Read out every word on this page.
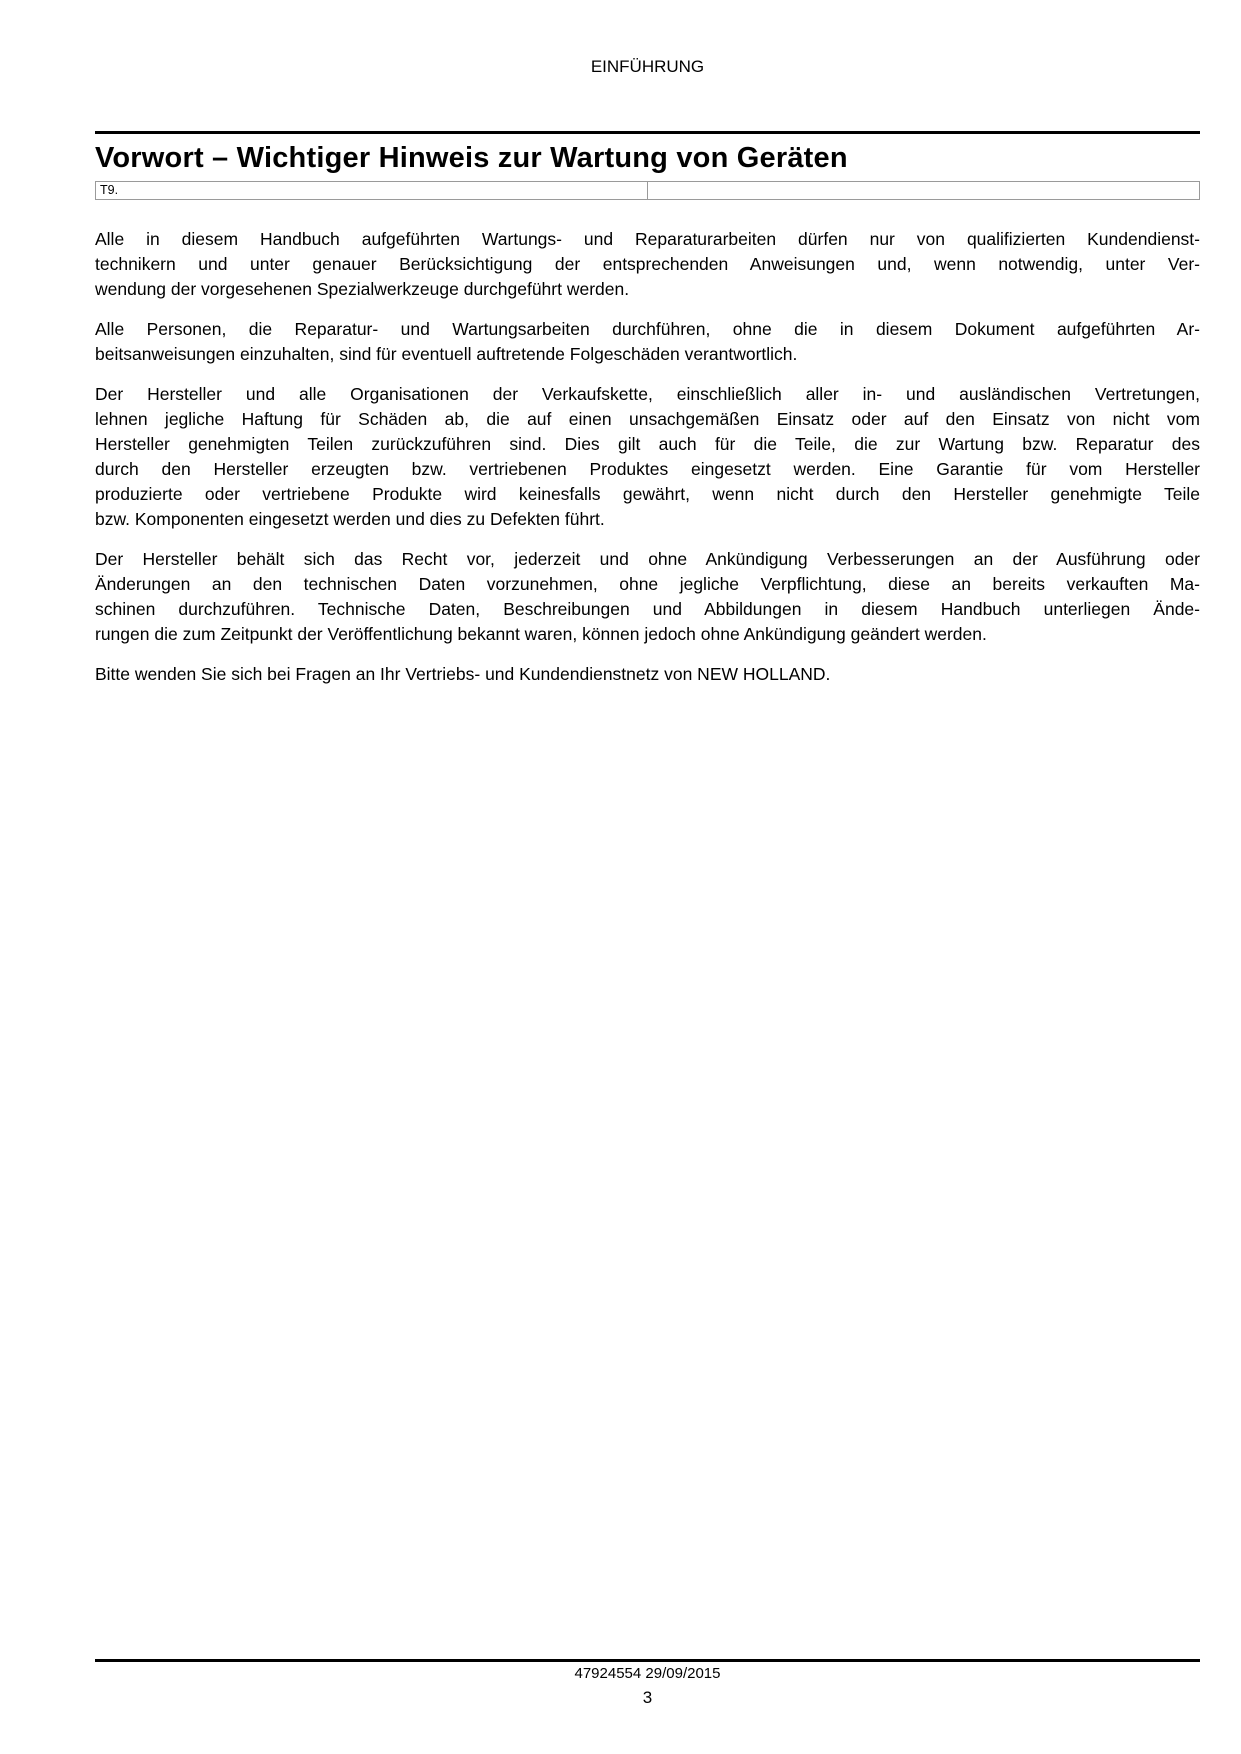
EINFÜHRUNG
Vorwort – Wichtiger Hinweis zur Wartung von Geräten
T9.
Alle in diesem Handbuch aufgeführten Wartungs- und Reparaturarbeiten dürfen nur von qualifizierten Kundendienst-
technikern und unter genauer Berücksichtigung der entsprechenden Anweisungen und, wenn notwendig, unter Ver-
wendung der vorgesehenen Spezialwerkzeuge durchgeführt werden.
Alle Personen, die Reparatur- und Wartungsarbeiten durchführen, ohne die in diesem Dokument aufgeführten Ar-
beitsanweisungen einzuhalten, sind für eventuell auftretende Folgeschäden verantwortlich.
Der Hersteller und alle Organisationen der Verkaufskette, einschließlich aller in- und ausländischen Vertretungen,
lehnen jegliche Haftung für Schäden ab, die auf einen unsachgemäßen Einsatz oder auf den Einsatz von nicht vom
Hersteller genehmigten Teilen zurückzuführen sind. Dies gilt auch für die Teile, die zur Wartung bzw. Reparatur des
durch den Hersteller erzeugten bzw. vertriebenen Produktes eingesetzt werden. Eine Garantie für vom Hersteller
produzierte oder vertriebene Produkte wird keinesfalls gewährt, wenn nicht durch den Hersteller genehmigte Teile
bzw. Komponenten eingesetzt werden und dies zu Defekten führt.
Der Hersteller behält sich das Recht vor, jederzeit und ohne Ankündigung Verbesserungen an der Ausführung oder
Änderungen an den technischen Daten vorzunehmen, ohne jegliche Verpflichtung, diese an bereits verkauften Ma-
schinen durchzuführen. Technische Daten, Beschreibungen und Abbildungen in diesem Handbuch unterliegen Ände-
rungen die zum Zeitpunkt der Veröffentlichung bekannt waren, können jedoch ohne Ankündigung geändert werden.
Bitte wenden Sie sich bei Fragen an Ihr Vertriebs- und Kundendienstnetz von NEW HOLLAND.
47924554 29/09/2015
3
